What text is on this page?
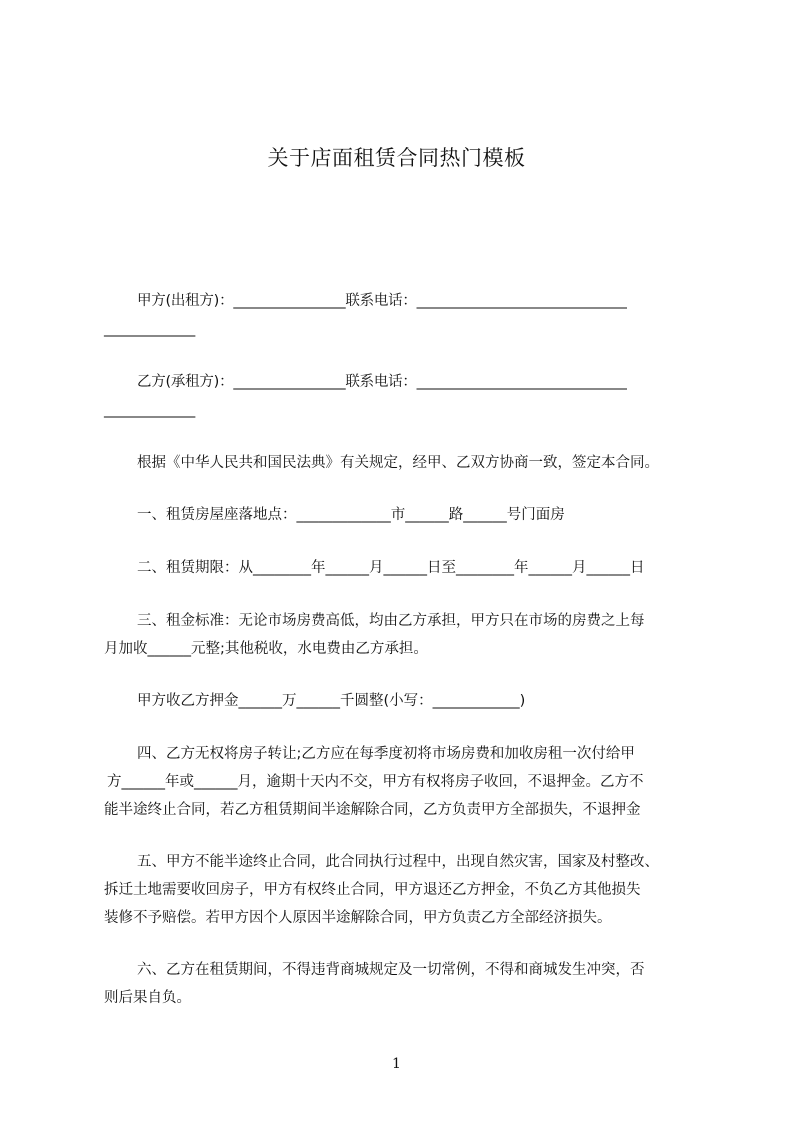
关于店面租赁合同热门模板
甲方(出租方)：________________联系电话：______________________________
_____________
乙方(承租方)：________________联系电话：______________________________
_____________
根据《中华人民共和国民法典》有关规定，经甲、乙双方协商一致，签定本合同。
一、租赁房屋座落地点：_____________市______路______号门面房
二、租赁期限：从________年______月______日至________年______月______日
三、租金标准：无论市场房费高低，均由乙方承担，甲方只在市场的房费之上每
月加收______元整;其他税收，水电费由乙方承担。
甲方收乙方押金______万______千圆整(小写：____________)
四、乙方无权将房子转让;乙方应在每季度初将市场房费和加收房租一次付给甲
方______年或______月，逾期十天内不交，甲方有权将房子收回，不退押金。乙方不
能半途终止合同，若乙方租赁期间半途解除合同，乙方负责甲方全部损失，不退押金
五、甲方不能半途终止合同，此合同执行过程中，出现自然灾害，国家及村整改、
拆迁土地需要收回房子，甲方有权终止合同，甲方退还乙方押金，不负乙方其他损失
装修不予赔偿。若甲方因个人原因半途解除合同，甲方负责乙方全部经济损失。
六、乙方在租赁期间，不得违背商城规定及一切常例，不得和商城发生冲突，否
则后果自负。
1
